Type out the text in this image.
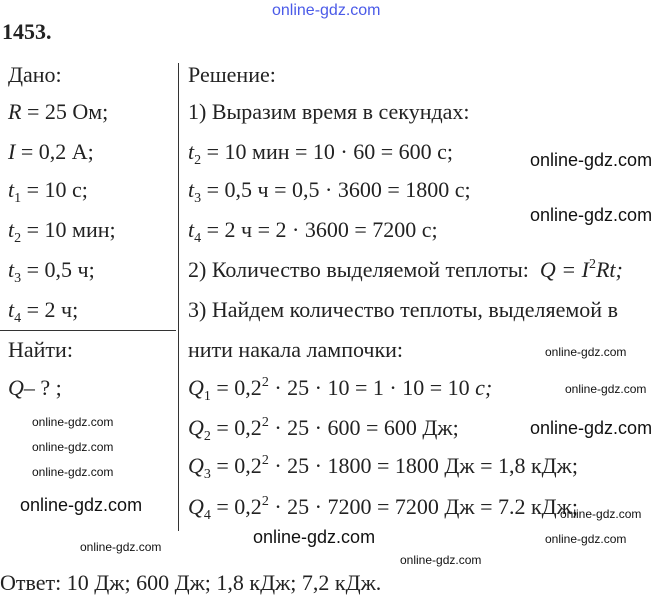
online-gdz.com
1453.
Дано:
R = 25 Ом;
I = 0,2 А;
$t_1 = 10$ с;
$t_2 = 10$ мин;
$t_3 = 0,5$ ч;
$t_4 = 2$ ч;
Найти:
Q– ? ;
Решение:
1) Выразим время в секундах:
$t_2 = 10$ мин = 10 · 60 = 600 с;
$t_3 = 0,5$ ч = 0,5 · 3600 = 1800 с;
$t_4 = 2$ ч = 2 · 3600 = 7200 с;
2) Количество выделяемой теплоты: $Q = I^2Rt$;
3) Найдем количество теплоты, выделяемой в
нити накала лампочки:
$Q_1 = 0,2^2 \cdot 25 \cdot 10 = 1 \cdot 10 = 10$ c;
$Q_2 = 0,2^2 \cdot 25 \cdot 600 = 600$ Дж;
$Q_3 = 0,2^2 \cdot 25 \cdot 1800 = 1800$ Дж = 1,8 кДж;
$Q_4 = 0,2^2 \cdot 25 \cdot 7200 = 7200$ Дж = 7.2 кДж;
Ответ: 10 Дж; 600 Дж; 1,8 кДж; 7,2 кДж.
online-gdz.com
online-gdz.com
online-gdz.com
online-gdz.com
online-gdz.com
online-gdz.com
online-gdz.com
online-gdz.com
online-gdz.com
online-gdz.com
online-gdz.com
online-gdz.com
online-gdz.com
online-gdz.com
